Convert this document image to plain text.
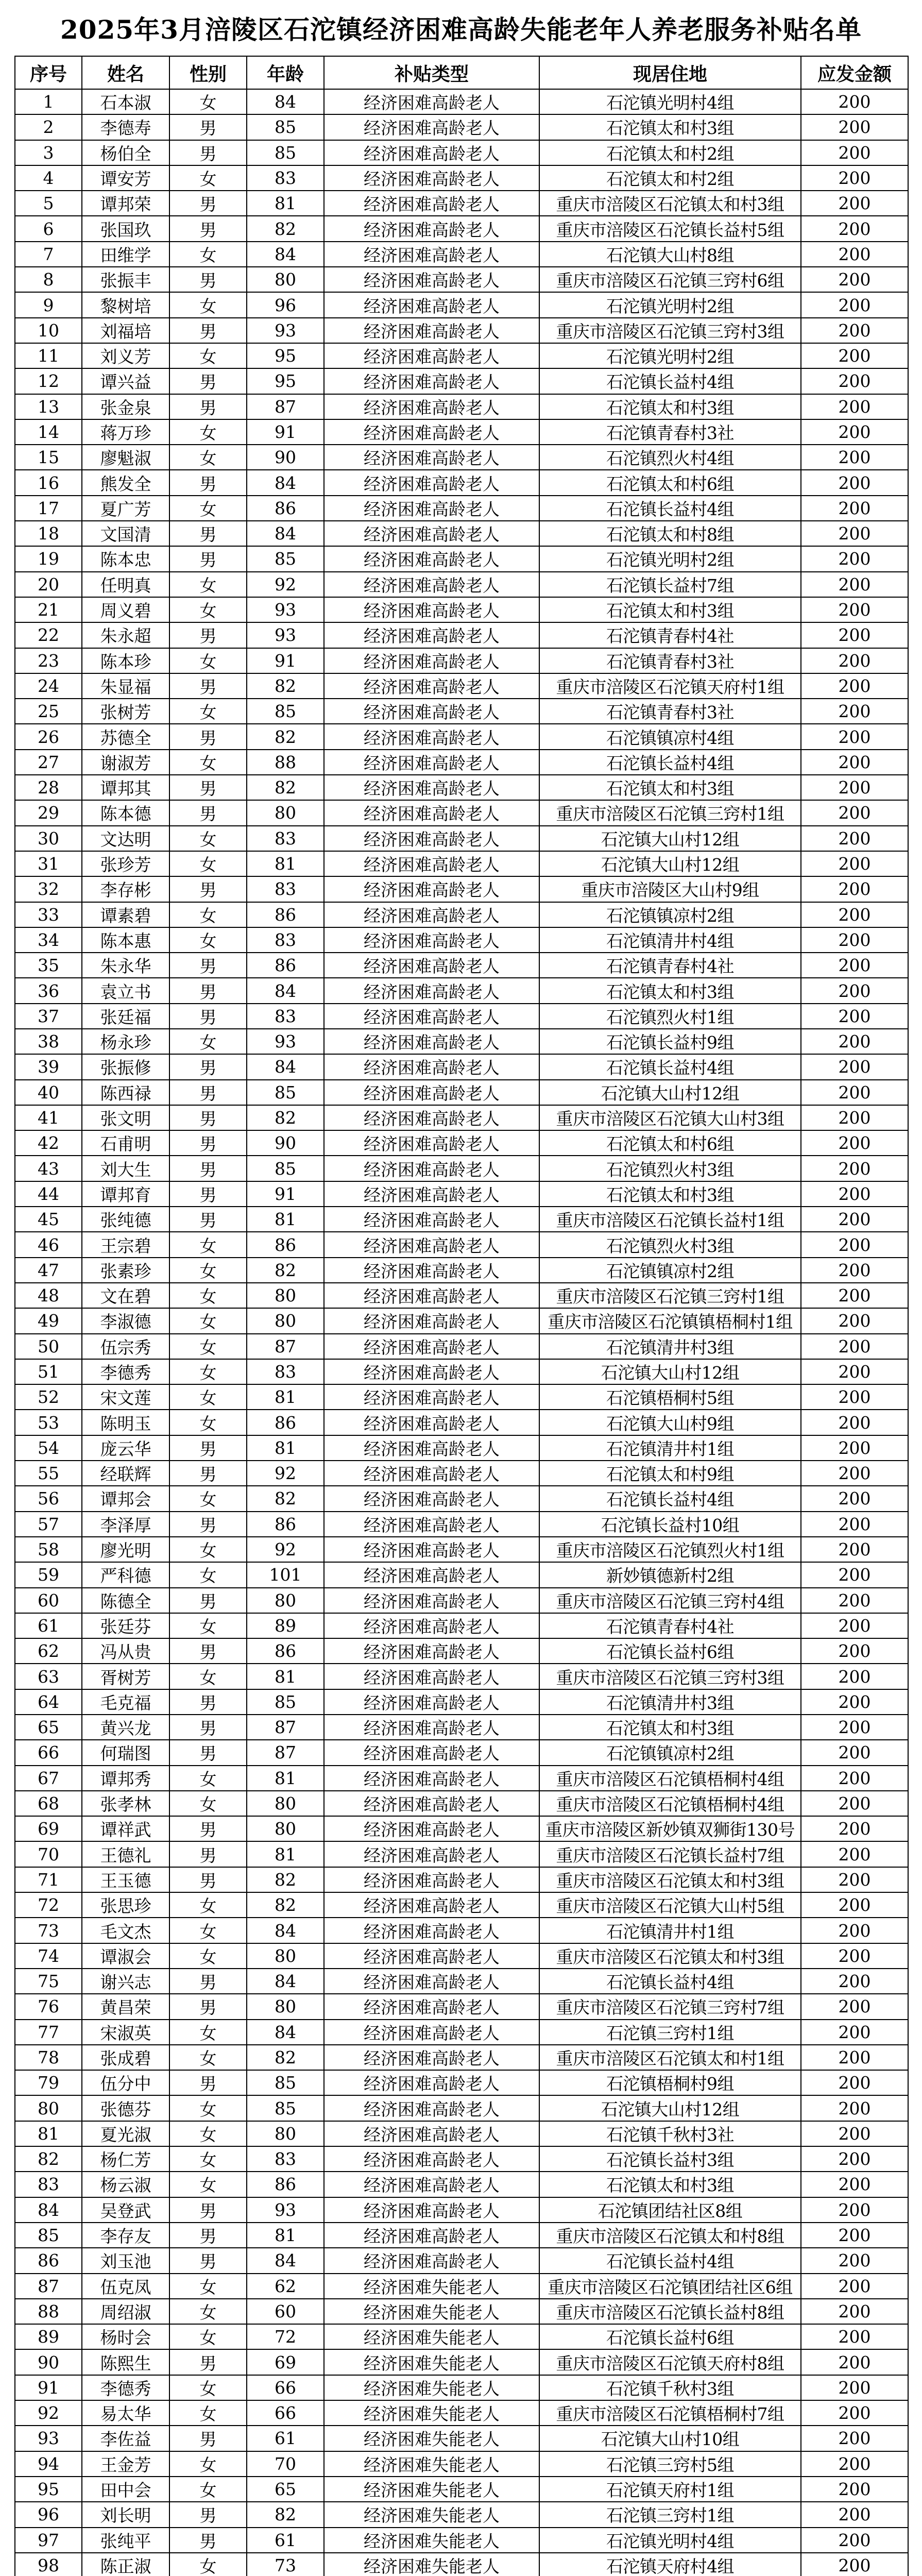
2025年3月涪陵区石沱镇经济困难高龄失能老年人养老服务补贴名单
序号	姓名	性别	年龄	补贴类型	现居住地	应发金额
1	石本淑	女	84	经济困难高龄老人	石沱镇光明村4组	200
2	李德寿	男	85	经济困难高龄老人	石沱镇太和村3组	200
3	杨伯全	男	85	经济困难高龄老人	石沱镇太和村2组	200
4	谭安芳	女	83	经济困难高龄老人	石沱镇太和村2组	200
5	谭邦荣	男	81	经济困难高龄老人	重庆市涪陵区石沱镇太和村3组	200
6	张国玖	男	82	经济困难高龄老人	重庆市涪陵区石沱镇长益村5组	200
7	田维学	女	84	经济困难高龄老人	石沱镇大山村8组	200
8	张振丰	男	80	经济困难高龄老人	重庆市涪陵区石沱镇三窍村6组	200
9	黎树培	女	96	经济困难高龄老人	石沱镇光明村2组	200
10	刘福培	男	93	经济困难高龄老人	重庆市涪陵区石沱镇三窍村3组	200
11	刘义芳	女	95	经济困难高龄老人	石沱镇光明村2组	200
12	谭兴益	男	95	经济困难高龄老人	石沱镇长益村4组	200
13	张金泉	男	87	经济困难高龄老人	石沱镇太和村3组	200
14	蒋万珍	女	91	经济困难高龄老人	石沱镇青春村3社	200
15	廖魁淑	女	90	经济困难高龄老人	石沱镇烈火村4组	200
16	熊发全	男	84	经济困难高龄老人	石沱镇太和村6组	200
17	夏广芳	女	86	经济困难高龄老人	石沱镇长益村4组	200
18	文国清	男	84	经济困难高龄老人	石沱镇太和村8组	200
19	陈本忠	男	85	经济困难高龄老人	石沱镇光明村2组	200
20	任明真	女	92	经济困难高龄老人	石沱镇长益村7组	200
21	周义碧	女	93	经济困难高龄老人	石沱镇太和村3组	200
22	朱永超	男	93	经济困难高龄老人	石沱镇青春村4社	200
23	陈本珍	女	91	经济困难高龄老人	石沱镇青春村3社	200
24	朱显福	男	82	经济困难高龄老人	重庆市涪陵区石沱镇天府村1组	200
25	张树芳	女	85	经济困难高龄老人	石沱镇青春村3社	200
26	苏德全	男	82	经济困难高龄老人	石沱镇镇凉村4组	200
27	谢淑芳	女	88	经济困难高龄老人	石沱镇长益村4组	200
28	谭邦其	男	82	经济困难高龄老人	石沱镇太和村3组	200
29	陈本德	男	80	经济困难高龄老人	重庆市涪陵区石沱镇三窍村1组	200
30	文达明	女	83	经济困难高龄老人	石沱镇大山村12组	200
31	张珍芳	女	81	经济困难高龄老人	石沱镇大山村12组	200
32	李存彬	男	83	经济困难高龄老人	重庆市涪陵区大山村9组	200
33	谭素碧	女	86	经济困难高龄老人	石沱镇镇凉村2组	200
34	陈本惠	女	83	经济困难高龄老人	石沱镇清井村4组	200
35	朱永华	男	86	经济困难高龄老人	石沱镇青春村4社	200
36	袁立书	男	84	经济困难高龄老人	石沱镇太和村3组	200
37	张廷福	男	83	经济困难高龄老人	石沱镇烈火村1组	200
38	杨永珍	女	93	经济困难高龄老人	石沱镇长益村9组	200
39	张振修	男	84	经济困难高龄老人	石沱镇长益村4组	200
40	陈西禄	男	85	经济困难高龄老人	石沱镇大山村12组	200
41	张文明	男	82	经济困难高龄老人	重庆市涪陵区石沱镇大山村3组	200
42	石甫明	男	90	经济困难高龄老人	石沱镇太和村6组	200
43	刘大生	男	85	经济困难高龄老人	石沱镇烈火村3组	200
44	谭邦育	男	91	经济困难高龄老人	石沱镇太和村3组	200
45	张纯德	男	81	经济困难高龄老人	重庆市涪陵区石沱镇长益村1组	200
46	王宗碧	女	86	经济困难高龄老人	石沱镇烈火村3组	200
47	张素珍	女	82	经济困难高龄老人	石沱镇镇凉村2组	200
48	文在碧	女	80	经济困难高龄老人	重庆市涪陵区石沱镇三窍村1组	200
49	李淑德	女	80	经济困难高龄老人	重庆市涪陵区石沱镇镇梧桐村1组	200
50	伍宗秀	女	87	经济困难高龄老人	石沱镇清井村3组	200
51	李德秀	女	83	经济困难高龄老人	石沱镇大山村12组	200
52	宋文莲	女	81	经济困难高龄老人	石沱镇梧桐村5组	200
53	陈明玉	女	86	经济困难高龄老人	石沱镇大山村9组	200
54	庞云华	男	81	经济困难高龄老人	石沱镇清井村1组	200
55	经联辉	男	92	经济困难高龄老人	石沱镇太和村9组	200
56	谭邦会	女	82	经济困难高龄老人	石沱镇长益村4组	200
57	李泽厚	男	86	经济困难高龄老人	石沱镇长益村10组	200
58	廖光明	女	92	经济困难高龄老人	重庆市涪陵区石沱镇烈火村1组	200
59	严科德	女	101	经济困难高龄老人	新妙镇德新村2组	200
60	陈德全	男	80	经济困难高龄老人	重庆市涪陵区石沱镇三窍村4组	200
61	张廷芬	女	89	经济困难高龄老人	石沱镇青春村4社	200
62	冯从贵	男	86	经济困难高龄老人	石沱镇长益村6组	200
63	胥树芳	女	81	经济困难高龄老人	重庆市涪陵区石沱镇三窍村3组	200
64	毛克福	男	85	经济困难高龄老人	石沱镇清井村3组	200
65	黄兴龙	男	87	经济困难高龄老人	石沱镇太和村3组	200
66	何瑞图	男	87	经济困难高龄老人	石沱镇镇凉村2组	200
67	谭邦秀	女	81	经济困难高龄老人	重庆市涪陵区石沱镇梧桐村4组	200
68	张孝林	女	80	经济困难高龄老人	重庆市涪陵区石沱镇梧桐村4组	200
69	谭祥武	男	80	经济困难高龄老人	重庆市涪陵区新妙镇双狮街130号	200
70	王德礼	男	81	经济困难高龄老人	重庆市涪陵区石沱镇长益村7组	200
71	王玉德	男	82	经济困难高龄老人	重庆市涪陵区石沱镇太和村3组	200
72	张思珍	女	82	经济困难高龄老人	重庆市涪陵区石沱镇大山村5组	200
73	毛文杰	女	84	经济困难高龄老人	石沱镇清井村1组	200
74	谭淑会	女	80	经济困难高龄老人	重庆市涪陵区石沱镇太和村3组	200
75	谢兴志	男	84	经济困难高龄老人	石沱镇长益村4组	200
76	黄昌荣	男	80	经济困难高龄老人	重庆市涪陵区石沱镇三窍村7组	200
77	宋淑英	女	84	经济困难高龄老人	石沱镇三窍村1组	200
78	张成碧	女	82	经济困难高龄老人	重庆市涪陵区石沱镇太和村1组	200
79	伍分中	男	85	经济困难高龄老人	石沱镇梧桐村9组	200
80	张德芬	女	85	经济困难高龄老人	石沱镇大山村12组	200
81	夏光淑	女	80	经济困难高龄老人	石沱镇千秋村3社	200
82	杨仁芳	女	83	经济困难高龄老人	石沱镇长益村3组	200
83	杨云淑	女	86	经济困难高龄老人	石沱镇太和村3组	200
84	吴登武	男	93	经济困难高龄老人	石沱镇团结社区8组	200
85	李存友	男	81	经济困难高龄老人	重庆市涪陵区石沱镇太和村8组	200
86	刘玉池	男	84	经济困难高龄老人	石沱镇长益村4组	200
87	伍克凤	女	62	经济困难失能老人	重庆市涪陵区石沱镇团结社区6组	200
88	周绍淑	女	60	经济困难失能老人	重庆市涪陵区石沱镇长益村8组	200
89	杨时会	女	72	经济困难失能老人	石沱镇长益村6组	200
90	陈熙生	男	69	经济困难失能老人	重庆市涪陵区石沱镇天府村8组	200
91	李德秀	女	66	经济困难失能老人	石沱镇千秋村3组	200
92	易太华	女	66	经济困难失能老人	重庆市涪陵区石沱镇梧桐村7组	200
93	李佐益	男	61	经济困难失能老人	石沱镇大山村10组	200
94	王金芳	女	70	经济困难失能老人	石沱镇三窍村5组	200
95	田中会	女	65	经济困难失能老人	石沱镇天府村1组	200
96	刘长明	男	82	经济困难失能老人	石沱镇三窍村1组	200
97	张纯平	男	61	经济困难失能老人	石沱镇光明村4组	200
98	陈正淑	女	73	经济困难失能老人	石沱镇天府村4组	200
